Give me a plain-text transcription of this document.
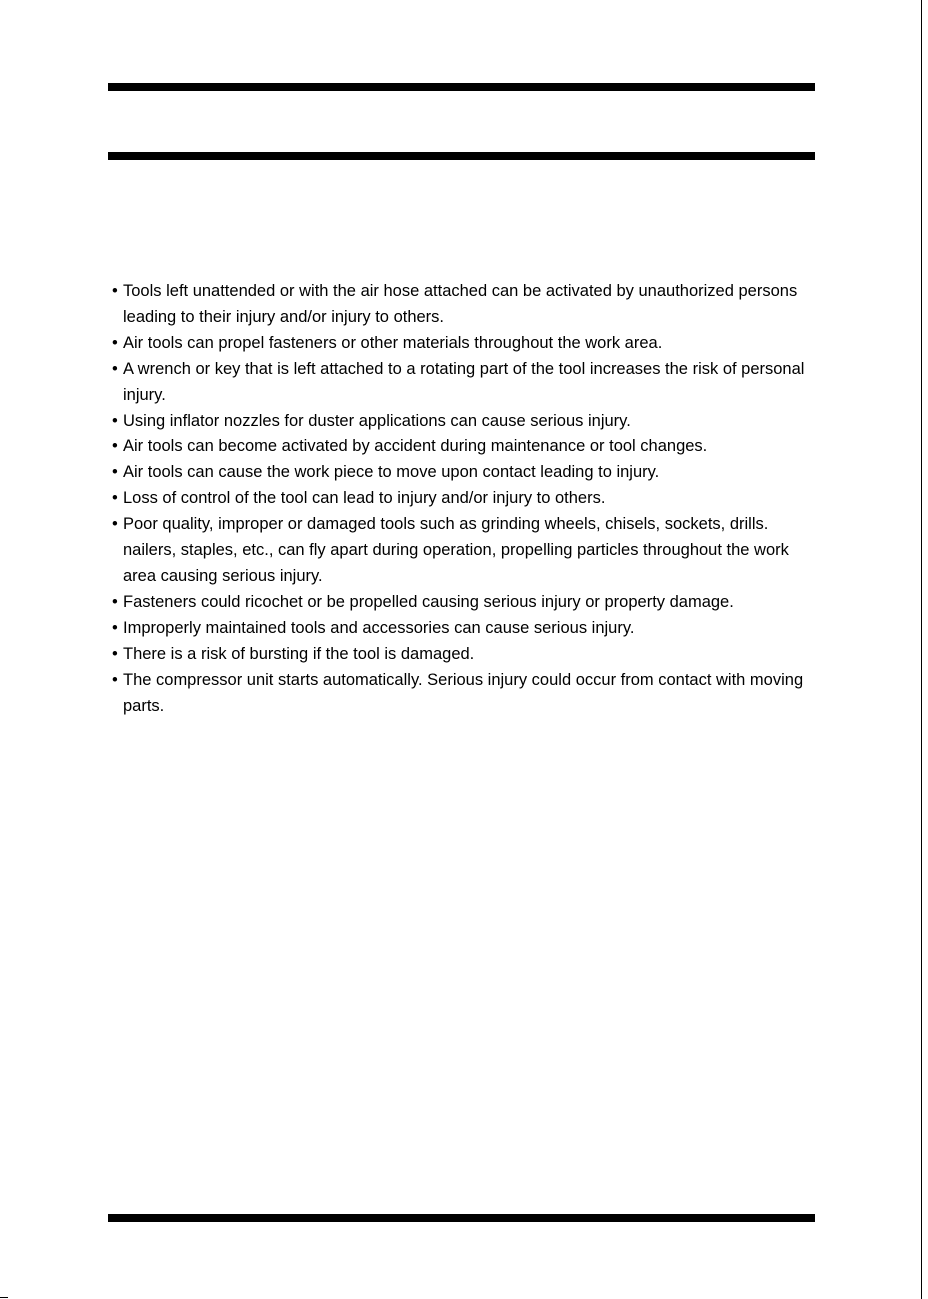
• Tools left unattended or with the air hose attached can be activated by unauthorized persons leading to their injury and/or injury to others.
• Air tools can propel fasteners or other materials throughout the work area.
• A wrench or key that is left attached to a rotating part of the tool increases the risk of personal injury.
• Using inflator nozzles for duster applications can cause serious injury.
• Air tools can become activated by accident during maintenance or tool changes.
• Air tools can cause the work piece to move upon contact leading to injury.
• Loss of control of the tool can lead to injury and/or injury to others.
• Poor quality, improper or damaged tools such as grinding wheels, chisels, sockets, drills. nailers, staples, etc., can fly apart during operation, propelling particles throughout the work area causing serious injury.
• Fasteners could ricochet or be propelled causing serious injury or property damage.
• Improperly maintained tools and accessories can cause serious injury.
• There is a risk of bursting if the tool is damaged.
• The compressor unit starts automatically. Serious injury could occur from contact with moving parts.
